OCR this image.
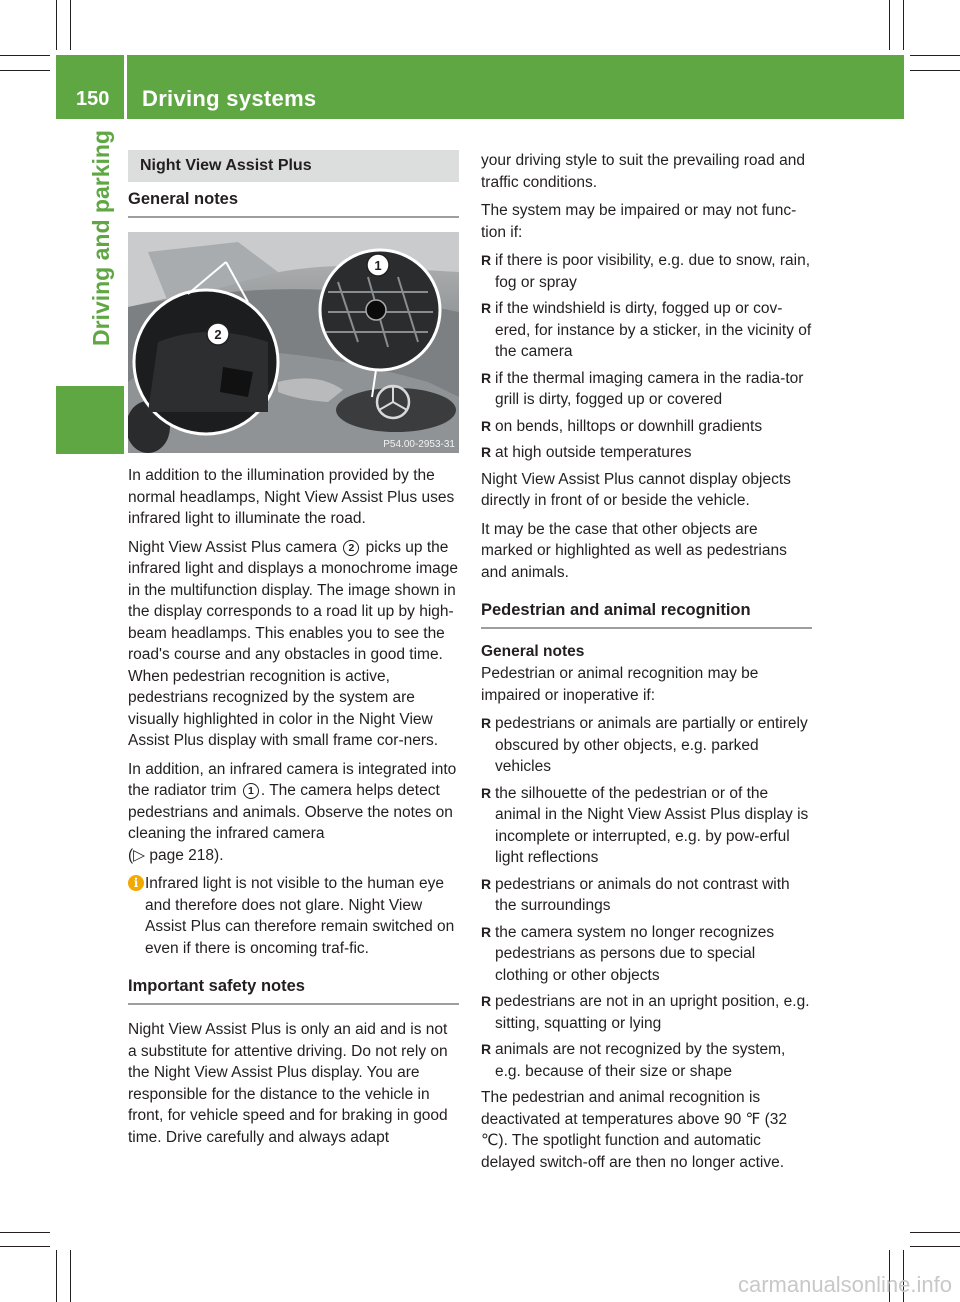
150 Driving systems
Driving and parking	Night View Assist Plus
General notes
1
2
P54.00-2953-31

In addition to the illumination provided by the normal headlamps, Night View Assist Plus uses infrared light to illuminate the road.

Night View Assist Plus camera 2 picks up the infrared light and displays a monochrome image in the multifunction display. The image shown in the display corresponds to a road lit up by high-beam headlamps. This enables you to see the road's course and any obstacles in good time. When pedestrian recognition is active, pedestrians recognized by the system are visually highlighted in color in the Night View Assist Plus display with small frame cor-ners.

In addition, an infrared camera is integrated into the radiator trim 1 . The camera helps detect pedestrians and animals. Observe the notes on cleaning the infrared camera
(▷ page 218).

i Infrared light is not visible to the human eye and therefore does not glare. Night View Assist Plus can therefore remain switched on even if there is oncoming traf-fic.

Important safety notes

Night View Assist Plus is only an aid and is not a substitute for attentive driving. Do not rely on the Night View Assist Plus display. You are responsible for the distance to the vehicle in front, for vehicle speed and for braking in good time. Drive carefully and always adapt

your driving style to suit the prevailing road and traffic conditions.

The system may be impaired or may not func-tion if:

R if there is poor visibility, e.g. due to snow, rain, fog or spray
R if the windshield is dirty, fogged up or cov-ered, for instance by a sticker, in the vicinity of the camera
R if the thermal imaging camera in the radia-tor grill is dirty, fogged up or covered
R on bends, hilltops or downhill gradients
R at high outside temperatures

Night View Assist Plus cannot display objects directly in front of or beside the vehicle.

It may be the case that other objects are marked or highlighted as well as pedestrians and animals.

Pedestrian and animal recognition
General notes

Pedestrian or animal recognition may be impaired or inoperative if:

R pedestrians or animals are partially or entirely obscured by other objects, e.g. parked vehicles
R the silhouette of the pedestrian or of the animal in the Night View Assist Plus display is incomplete or interrupted, e.g. by pow-erful light reflections
R pedestrians or animals do not contrast with the surroundings
R the camera system no longer recognizes pedestrians as persons due to special clothing or other objects
R pedestrians are not in an upright position, e.g. sitting, squatting or lying
R animals are not recognized by the system, e.g. because of their size or shape

The pedestrian and animal recognition is deactivated at temperatures above 90 ℉ (32 ℃). The spotlight function and automatic delayed switch-off are then no longer active.

carmanualsonline.info
